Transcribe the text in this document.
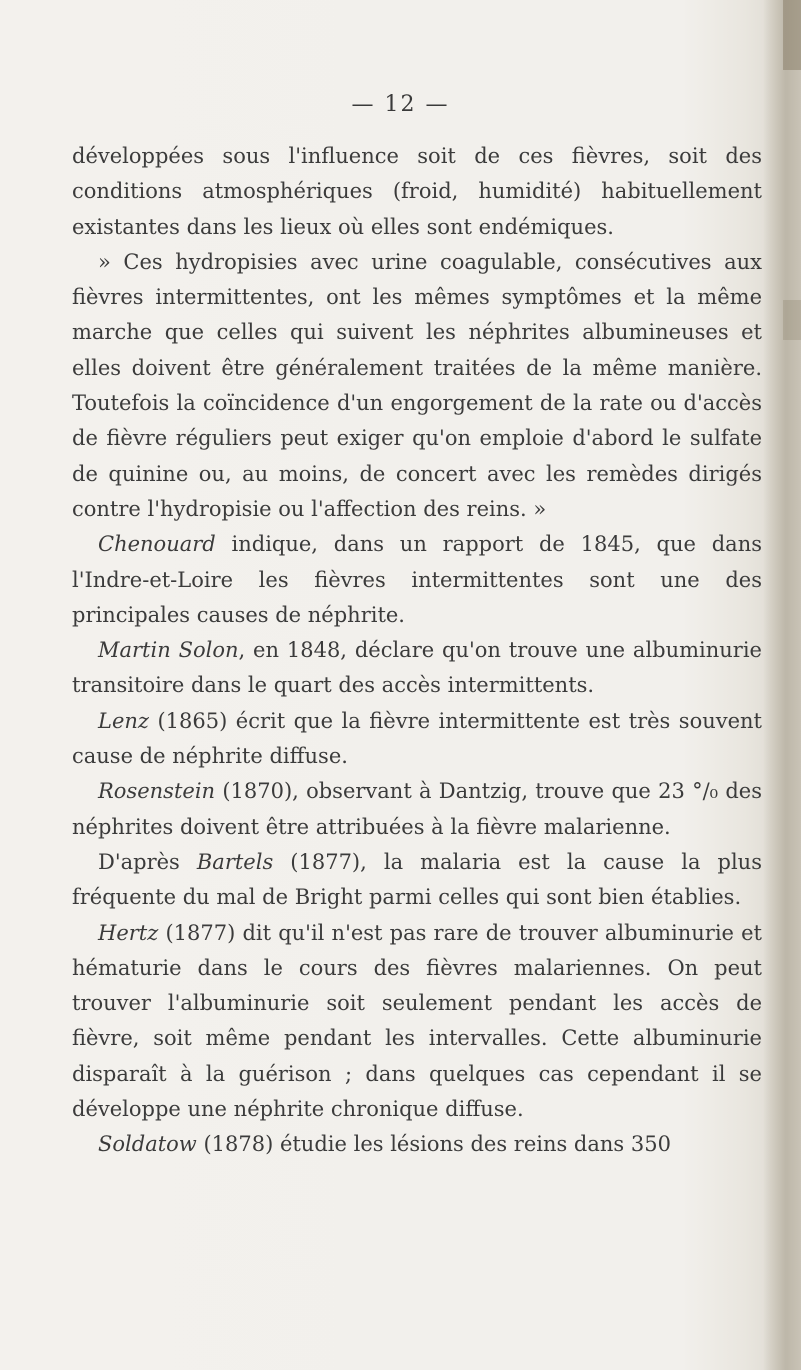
— 12 —

développées sous l'influence soit de ces fièvres, soit des conditions atmosphériques (froid, humidité) habituellement existantes dans les lieux où elles sont endémiques.

» Ces hydropisies avec urine coagulable, consécutives aux fièvres intermittentes, ont les mêmes symptômes et la même marche que celles qui suivent les néphrites albumineuses et elles doivent être généralement traitées de la même manière. Toutefois la coïncidence d'un engorgement de la rate ou d'accès de fièvre réguliers peut exiger qu'on emploie d'abord le sulfate de quinine ou, au moins, de concert avec les remèdes dirigés contre l'hydropisie ou l'affection des reins. »

Chenouard indique, dans un rapport de 1845, que dans l'Indre-et-Loire les fièvres intermittentes sont une des principales causes de néphrite.

Martin Solon, en 1848, déclare qu'on trouve une albuminurie transitoire dans le quart des accès intermittents.

Lenz (1865) écrit que la fièvre intermittente est très souvent cause de néphrite diffuse.

Rosenstein (1870), observant à Dantzig, trouve que 23 °/₀ des néphrites doivent être attribuées à la fièvre malarienne.

D'après Bartels (1877), la malaria est la cause la plus fréquente du mal de Bright parmi celles qui sont bien établies.

Hertz (1877) dit qu'il n'est pas rare de trouver albuminurie et hématurie dans le cours des fièvres malariennes. On peut trouver l'albuminurie soit seulement pendant les accès de fièvre, soit même pendant les intervalles. Cette albuminurie disparaît à la guérison ; dans quelques cas cependant il se développe une néphrite chronique diffuse.

Soldatow (1878) étudie les lésions des reins dans 350
